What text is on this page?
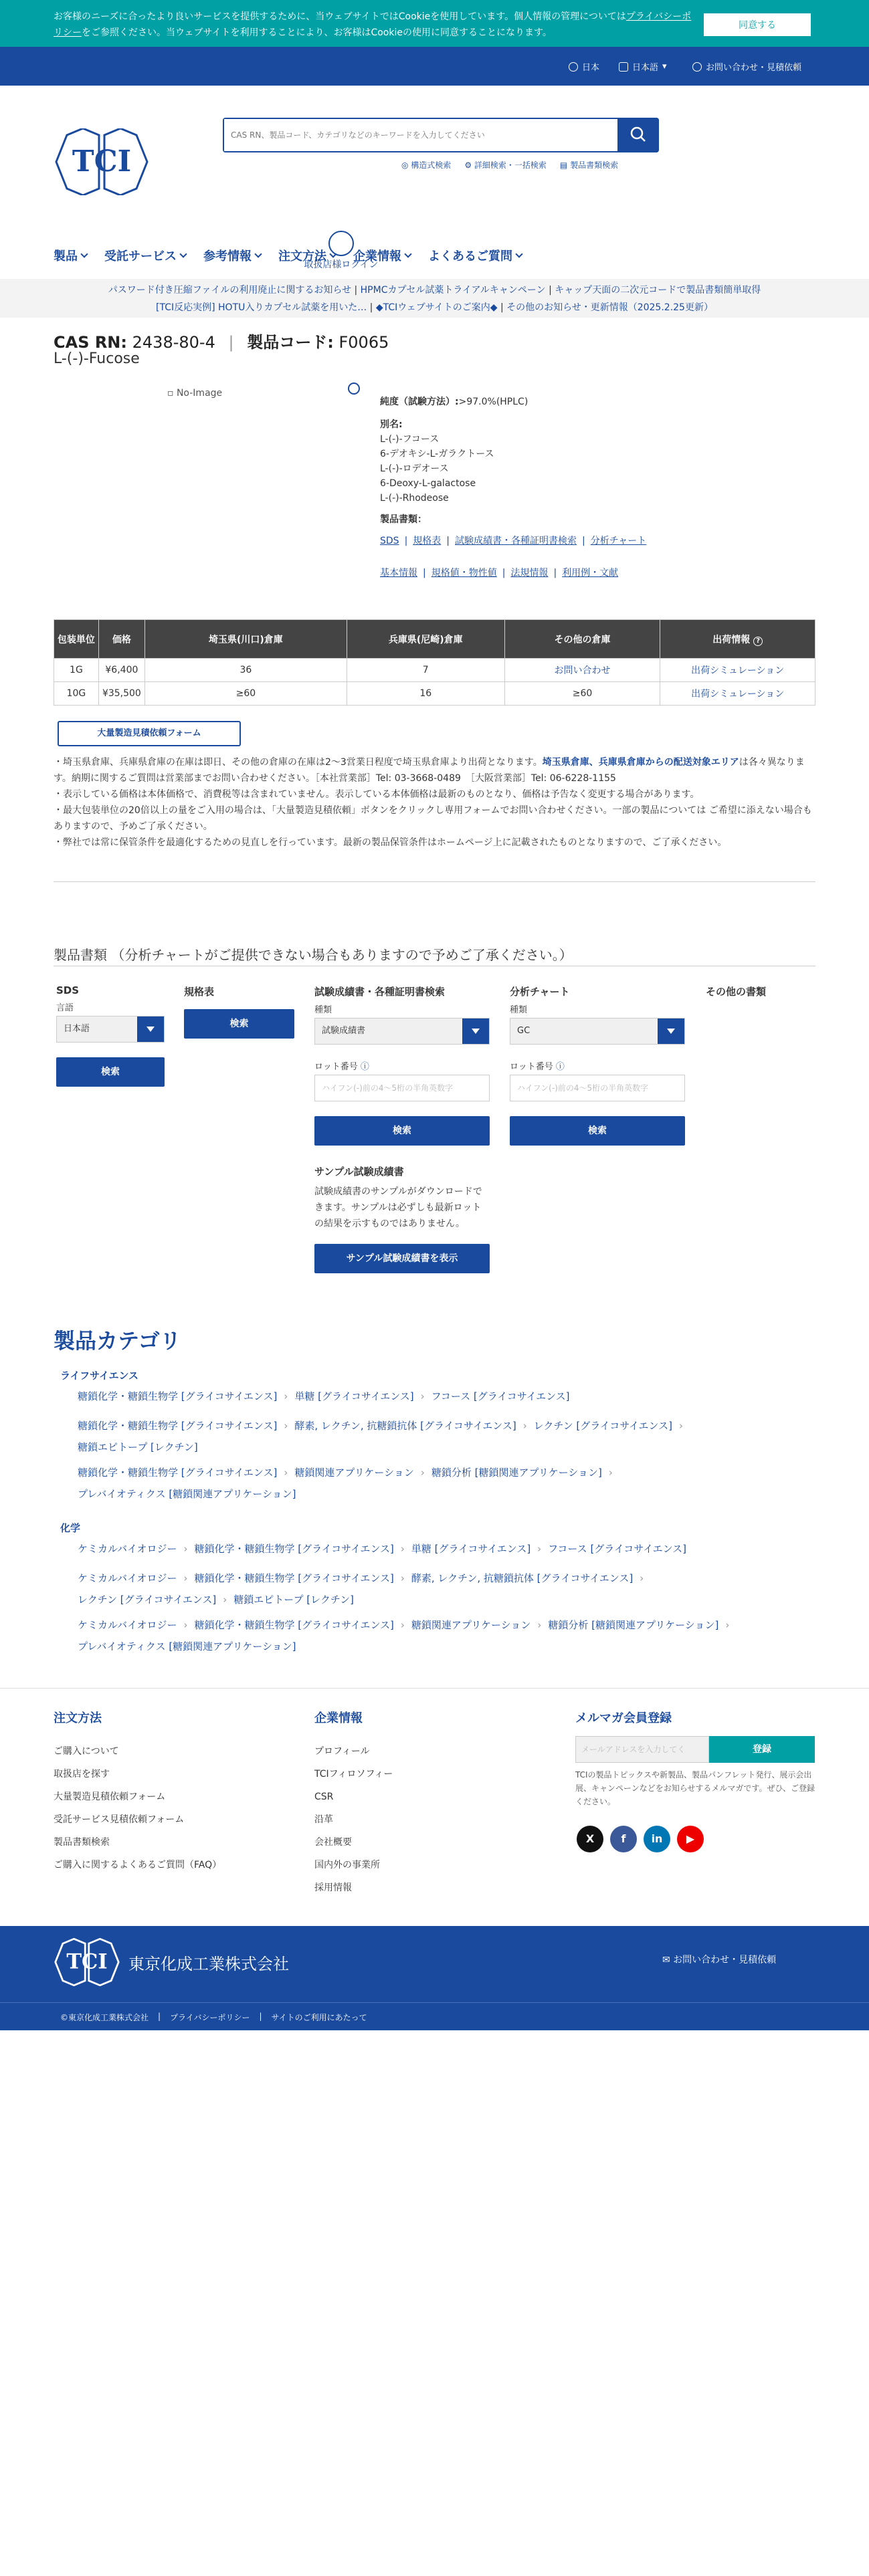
お客様のニーズに合ったより良いサービスを提供するために、当ウェブサイトではCookieを使用しています。個人情報の管理についてはプライバシーポリシーをご参照ください。当ウェブサイトを利用することにより、お客様はCookieの使用に同意することになります。
同意する
日本	日本語 ▾	お問い合わせ・見積依頼
TCI
CAS RN、製品コード、カテゴリなどのキーワードを入力してください	◎ 構造式検索 ⚙ 詳細検索・一括検索 ▤ 製品書類検索
取扱店様ログイン
製品 受託サービス 参考情報 注文方法 企業情報 よくあるご質問
パスワード付き圧縮ファイルの利用廃止に関するお知らせ | HPMCカプセル試薬トライアルキャンペーン | キャップ天面の二次元コードで製品書類簡単取得
[TCI反応実例] HOTU入りカプセル試薬を用いた… | ◆TCIウェブサイトのご案内◆ | その他のお知らせ・更新情報（2025.2.25更新）
CAS RN: 2438-80-4 | 製品コード: F0065
L-(-)-Fucose
▫ No-Image
純度（試験方法）:>97.0%(HPLC)
別名:
L-(-)-フコース
6-デオキシ-L-ガラクトース
L-(-)-ロデオース
6-Deoxy-L-galactose
L-(-)-Rhodeose
製品書類：
SDS | 規格表 | 試験成績書・各種証明書検索 | 分析チャート
基本情報 | 規格値・物性値 | 法規情報 | 利用例・文献
包装単位	価格	埼玉県(川口)倉庫	兵庫県(尼崎)倉庫	その他の倉庫	出荷情報 ?
1G	¥6,400	36	7	お問い合わせ	出荷シミュレーション
10G	¥35,500	≥60	16	≥60	出荷シミュレーション
大量製造見積依頼フォーム
・埼玉県倉庫、兵庫県倉庫の在庫は即日、その他の倉庫の在庫は2～3営業日程度で埼玉県倉庫より出荷となります。埼玉県倉庫、兵庫県倉庫からの配送対象エリアは各々異なります。納期に関するご質問は営業部までお問い合わせください。［本社営業部］Tel: 03-3668-0489　［大阪営業部］Tel: 06-6228-1155
・表示している価格は本体価格で、消費税等は含まれていません。表示している本体価格は最新のものとなり、価格は予告なく変更する場合があります。
・最大包装単位の20倍以上の量をご入用の場合は、「大量製造見積依頼」ボタンをクリックし専用フォームでお問い合わせください。一部の製品については ご希望に添えない場合もありますので、予めご了承ください。
・弊社では常に保管条件を最適化するための見直しを行っています。最新の製品保管条件はホームページ上に記載されたものとなりますので、ご了承ください。
製品書類 （分析チャートがご提供できない場合もありますので予めご了承ください。）
SDS
言語
日本語
検索
規格表
検索
試験成績書・各種証明書検索
種類
試験成績書
ロット番号 ⓘ
ハイフン(-)前の4～5桁の半角英数字
検索
サンプル試験成績書
試験成績書のサンプルがダウンロードできます。サンプルは必ずしも最新ロットの結果を示すものではありません。
サンプル試験成績書を表示
分析チャート
種類
GC
ロット番号 ⓘ
ハイフン(-)前の4～5桁の半角英数字
検索
その他の書類
製品カテゴリ
ライフサイエンス
糖鎖化学・糖鎖生物学 [グライコサイエンス] › 単糖 [グライコサイエンス] › フコース [グライコサイエンス]
糖鎖化学・糖鎖生物学 [グライコサイエンス] › 酵素, レクチン, 抗糖鎖抗体 [グライコサイエンス] › レクチン [グライコサイエンス] ›
糖鎖エピトープ [レクチン]
糖鎖化学・糖鎖生物学 [グライコサイエンス] › 糖鎖関連アプリケーション › 糖鎖分析 [糖鎖関連アプリケーション] ›
プレバイオティクス [糖鎖関連アプリケーション]
化学
ケミカルバイオロジー › 糖鎖化学・糖鎖生物学 [グライコサイエンス] › 単糖 [グライコサイエンス] › フコース [グライコサイエンス]
ケミカルバイオロジー › 糖鎖化学・糖鎖生物学 [グライコサイエンス] › 酵素, レクチン, 抗糖鎖抗体 [グライコサイエンス] ›
レクチン [グライコサイエンス] › 糖鎖エピトープ [レクチン]
ケミカルバイオロジー › 糖鎖化学・糖鎖生物学 [グライコサイエンス] › 糖鎖関連アプリケーション › 糖鎖分析 [糖鎖関連アプリケーション] ›
プレバイオティクス [糖鎖関連アプリケーション]
注文方法
ご購入について
取扱店を探す
大量製造見積依頼フォーム
受託サービス見積依頼フォーム
製品書類検索
ご購入に関するよくあるご質問（FAQ）
企業情報
プロフィール
TCIフィロソフィー
CSR
沿革
会社概要
国内外の事業所
採用情報
メルマガ会員登録
メールアドレスを入力してく	登録
TCIの製品トピックスや新製品、製品パンフレット発行、展示会出展、キャンペーンなどをお知らせするメルマガです。ぜひ、ご登録ください。
X	f	in	▶
TCI 東京化成工業株式会社	✉ お問い合わせ・見積依頼
©東京化成工業株式会社 | プライバシーポリシー | サイトのご利用にあたって
